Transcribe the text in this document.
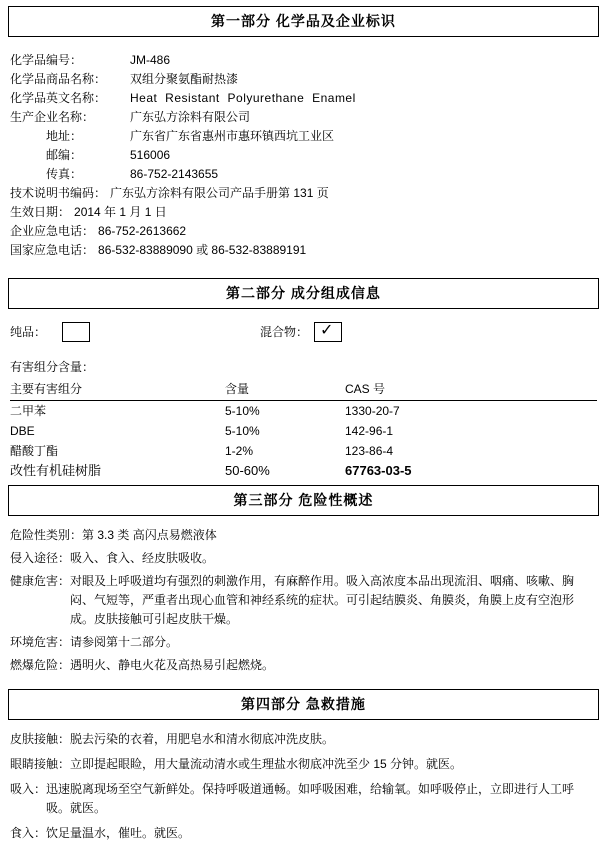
第一部分 化学品及企业标识
化学品编号：	JM-486
化学品商品名称：	双组分聚氨酯耐热漆
化学品英文名称：	Heat Resistant Polyurethane Enamel
生产企业名称：	广东弘方涂料有限公司
地址：	广东省广东省惠州市惠环镇西坑工业区
邮编：	516006
传真：	86-752-2143655
技术说明书编码： 广东弘方涂料有限公司产品手册第 131 页
生效日期： 2014 年 1 月 1 日
企业应急电话： 86-752-2613662
国家应急电话： 86-532-83889090 或 86-532-83889191
第二部分 成分组成信息
纯品：	混合物： ✓
有害组分含量：
主要有害组分	含量	CAS 号
二甲苯	5-10%	1330-20-7
DBE	5-10%	142-96-1
醋酸丁酯	1-2%	123-86-4
改性有机硅树脂	50-60%	67763-03-5
第三部分 危险性概述
危险性类别： 第 3.3 类 高闪点易燃液体
侵入途径： 吸入、食入、经皮肤吸收。
健康危害： 对眼及上呼吸道均有强烈的刺激作用，有麻醉作用。吸入高浓度本品出现流泪、咽痛、咳嗽、胸闷、气短等，严重者出现心血管和神经系统的症状。可引起结膜炎、角膜炎，角膜上皮有空泡形成。皮肤接触可引起皮肤干燥。
环境危害： 请参阅第十二部分。
燃爆危险： 遇明火、静电火花及高热易引起燃烧。
第四部分 急救措施
皮肤接触： 脱去污染的衣着，用肥皂水和清水彻底冲洗皮肤。
眼睛接触： 立即提起眼睑，用大量流动清水或生理盐水彻底冲洗至少 15 分钟。就医。
吸入： 迅速脱离现场至空气新鲜处。保持呼吸道通畅。如呼吸困难，给输氧。如呼吸停止，立即进行人工呼吸。就医。
食入： 饮足量温水，催吐。就医。
